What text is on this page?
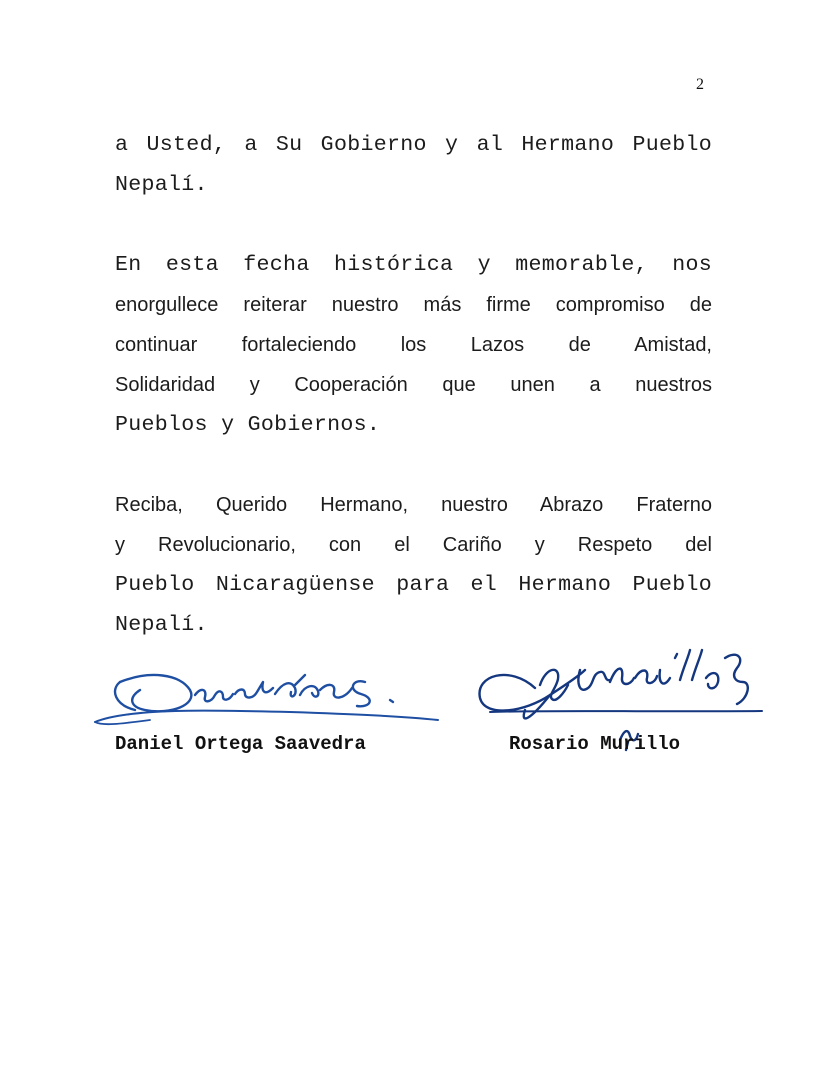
2
a Usted, a Su Gobierno y al Hermano Pueblo
Nepalí.
En esta fecha histórica y memorable, nos
enorgullece reiterar nuestro más firme compromiso de
continuar fortaleciendo los Lazos de Amistad,
Solidaridad y Cooperación que unen a nuestros
Pueblos y Gobiernos.
Reciba, Querido Hermano, nuestro Abrazo Fraterno
y Revolucionario, con el Cariño y Respeto del
Pueblo Nicaragüense para el Hermano Pueblo
Nepalí.
Daniel Ortega Saavedra	Rosario Murillo
